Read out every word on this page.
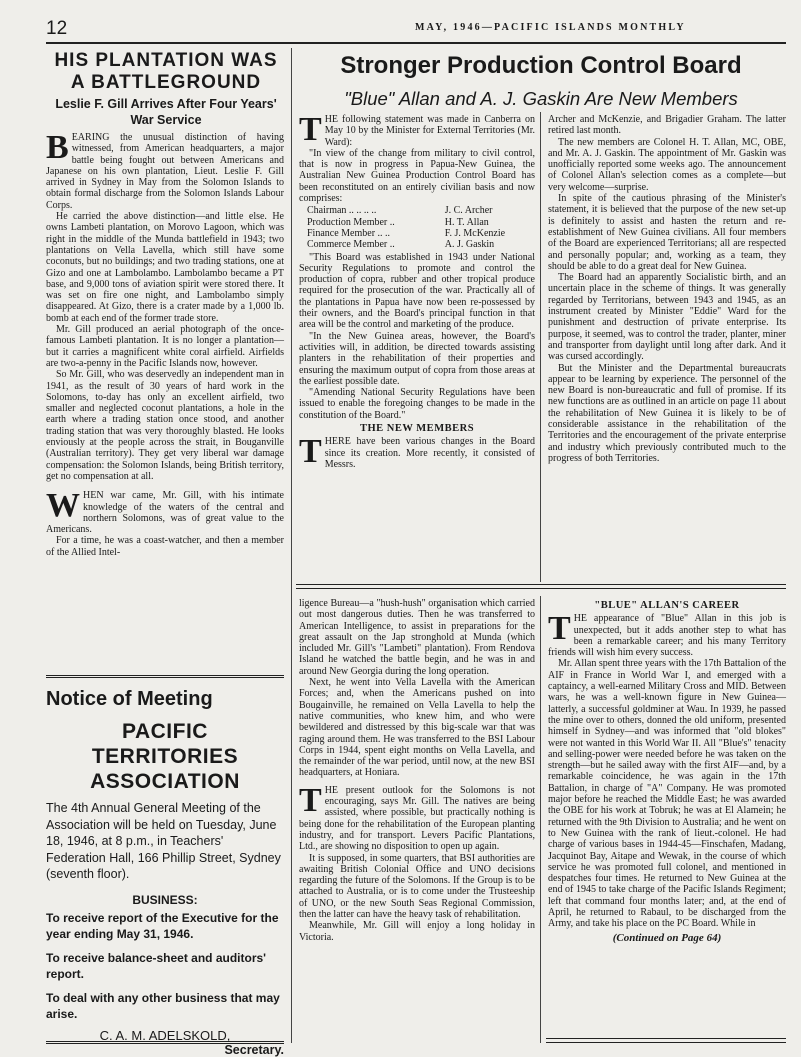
12	MAY, 1946—PACIFIC ISLANDS MONTHLY
HIS PLANTATION WAS A BATTLEGROUND
Leslie F. Gill Arrives After Four Years' War Service

BEARING the unusual distinction of having witnessed, from American headquarters, a major battle being fought out between Americans and Japanese on his own plantation, Lieut. Leslie F. Gill arrived in Sydney in May from the Solomon Islands to obtain formal discharge from the Solomon Islands Labour Corps.

He carried the above distinction—and little else. He owns Lambeti plantation, on Morovo Lagoon, which was right in the middle of the Munda battlefield in 1943; two plantations on Vella Lavella, which still have some coconuts, but no buildings; and two trading stations, one at Gizo and one at Lambolambo. Lambolambo became a PT base, and 9,000 tons of aviation spirit were stored there. It was set on fire one night, and Lambolambo simply disappeared. At Gizo, there is a crater made by a 1,000 lb. bomb at each end of the former trade store.

Mr. Gill produced an aerial photograph of the once-famous Lambeti plantation. It is no longer a plantation—but it carries a magnificent white coral airfield. Airfields are two-a-penny in the Pacific Islands now, however.

So Mr. Gill, who was deservedly an independent man in 1941, as the result of 30 years of hard work in the Solomons, to-day has only an excellent airfield, two smaller and neglected coconut plantations, a hole in the earth where a trading station once stood, and another trading station that was very thoroughly blasted. He looks enviously at the people across the strait, in Bouganville (Australian territory). They get very liberal war damage compensation: the Solomon Islands, being British territory, get no compensation at all.

WHEN war came, Mr. Gill, with his intimate knowledge of the waters of the central and northern Solomons, was of great value to the Americans.

For a time, he was a coast-watcher, and then a member of the Allied Intel-

Notice of Meeting
PACIFIC TERRITORIES ASSOCIATION
The 4th Annual General Meeting of the Association will be held on Tuesday, June 18, 1946, at 8 p.m., in Teachers' Federation Hall, 166 Phillip Street, Sydney (seventh floor).
BUSINESS:
To receive report of the Executive for the year ending May 31, 1946.
To receive balance-sheet and auditors' report.
To deal with any other business that may arise.
C. A. M. ADELSKOLD,
Secretary.
Stronger Production Control Board
"Blue" Allan and A. J. Gaskin Are New Members

THE following statement was made in Canberra on May 10 by the Minister for External Territories (Mr. Ward):

"In view of the change from military to civil control, that is now in progress in Papua-New Guinea, the Australian New Guinea Production Control Board has been reconstituted on an entirely civilian basis and now comprises:

Chairman .. .. .. ..	J. C. Archer
Production Member ..	H. T. Allan
Finance Member .. ..	F. J. McKenzie
Commerce Member ..	A. J. Gaskin

"This Board was established in 1943 under National Security Regulations to promote and control the production of copra, rubber and other tropical produce required for the prosecution of the war. Practically all of the plantations in Papua have now been re-possessed by their owners, and the Board's principal function in that area will be the control and marketing of the produce.

"In the New Guinea areas, however, the Board's activities will, in addition, be directed towards assisting planters in the rehabilitation of their properties and ensuring the maximum output of copra from those areas at the earliest possible date.

"Amending National Security Regulations have been issued to enable the foregoing changes to be made in the constitution of the Board."

THE NEW MEMBERS

THERE have been various changes in the Board since its creation. More recently, it consisted of Messrs.

Archer and McKenzie, and Brigadier Graham. The latter retired last month.

The new members are Colonel H. T. Allan, MC, OBE, and Mr. A. J. Gaskin. The appointment of Mr. Gaskin was unofficially reported some weeks ago. The announcement of Colonel Allan's selection comes as a complete—but very welcome—surprise.

In spite of the cautious phrasing of the Minister's statement, it is believed that the purpose of the new set-up is definitely to assist and hasten the return and re-establishment of New Guinea civilians. All four members of the Board are experienced Territorians; all are respected and personally popular; and, working as a team, they should be able to do a great deal for New Guinea.

The Board had an apparently Socialistic birth, and an uncertain place in the scheme of things. It was generally regarded by Territorians, between 1943 and 1945, as an instrument created by Minister "Eddie" Ward for the punishment and destruction of private enterprise. Its purpose, it seemed, was to control the trader, planter, miner and transporter from daylight until long after dark. And it was cursed accordingly.

But the Minister and the Departmental bureaucrats appear to be learning by experience. The personnel of the new Board is non-bureaucratic and full of promise. If its new functions are as outlined in an article on page 11 about the rehabilitation of New Guinea it is likely to be of considerable assistance in the rehabilitation of the Territories and the encouragement of the private enterprise and industry which previously contributed much to the progress of both Territories.

ligence Bureau—a "hush-hush" organisation which carried out most dangerous duties. Then he was transferred to American Intelligence, to assist in preparations for the great assault on the Jap stronghold at Munda (which included Mr. Gill's "Lambeti" plantation). From Rendova Island he watched the battle begin, and he was in and around New Georgia during the long operation.

Next, he went into Vella Lavella with the American Forces; and, when the Americans pushed on into Bougainville, he remained on Vella Lavella to help the native communities, who knew him, and who were bewildered and distressed by this big-scale war that was raging around them. He was transferred to the BSI Labour Corps in 1944, spent eight months on Vella Lavella, and the remainder of the war period, until now, at the new BSI headquarters, at Honiara.

THE present outlook for the Solomons is not encouraging, says Mr. Gill. The natives are being assisted, where possible, but practically nothing is being done for the rehabilitation of the European planting industry, and for transport. Levers Pacific Plantations, Ltd., are showing no disposition to open up again.

It is supposed, in some quarters, that BSI authorities are awaiting British Colonial Office and UNO decisions regarding the future of the Solomons. If the Group is to be attached to Australia, or is to come under the Trusteeship of UNO, or the new South Seas Regional Commission, then the latter can have the heavy task of rehabilitation.

Meanwhile, Mr. Gill will enjoy a long holiday in Victoria.

"BLUE" ALLAN'S CAREER

THE appearance of "Blue" Allan in this job is unexpected, but it adds another step to what has been a remarkable career; and his many Territory friends will wish him every success.

Mr. Allan spent three years with the 17th Battalion of the AIF in France in World War I, and emerged with a captaincy, a well-earned Military Cross and MID. Between wars, he was a well-known figure in New Guinea—latterly, a successful goldminer at Wau. In 1939, he passed the mine over to others, donned the old uniform, presented himself in Sydney—and was informed that "old blokes" were not wanted in this World War II. All "Blue's" tenacity and selling-power were needed before he was taken on the strength—but he sailed away with the first AIF—and, by a remarkable coincidence, he was again in the 17th Battalion, in charge of "A" Company. He was promoted major before he reached the Middle East; he was awarded the OBE for his work at Tobruk; he was at El Alamein; he returned with the 9th Division to Australia; and he went on to New Guinea with the rank of lieut.-colonel. He had charge of various bases in 1944-45—Finschafen, Madang, Jacquinot Bay, Aitape and Wewak, in the course of which service he was promoted full colonel, and mentioned in despatches four times. He returned to New Guinea at the end of 1945 to take charge of the Pacific Islands Regiment; left that command four months later; and, at the end of April, he returned to Rabaul, to be discharged from the Army, and take his place on the PC Board. While in

(Continued on Page 64)
